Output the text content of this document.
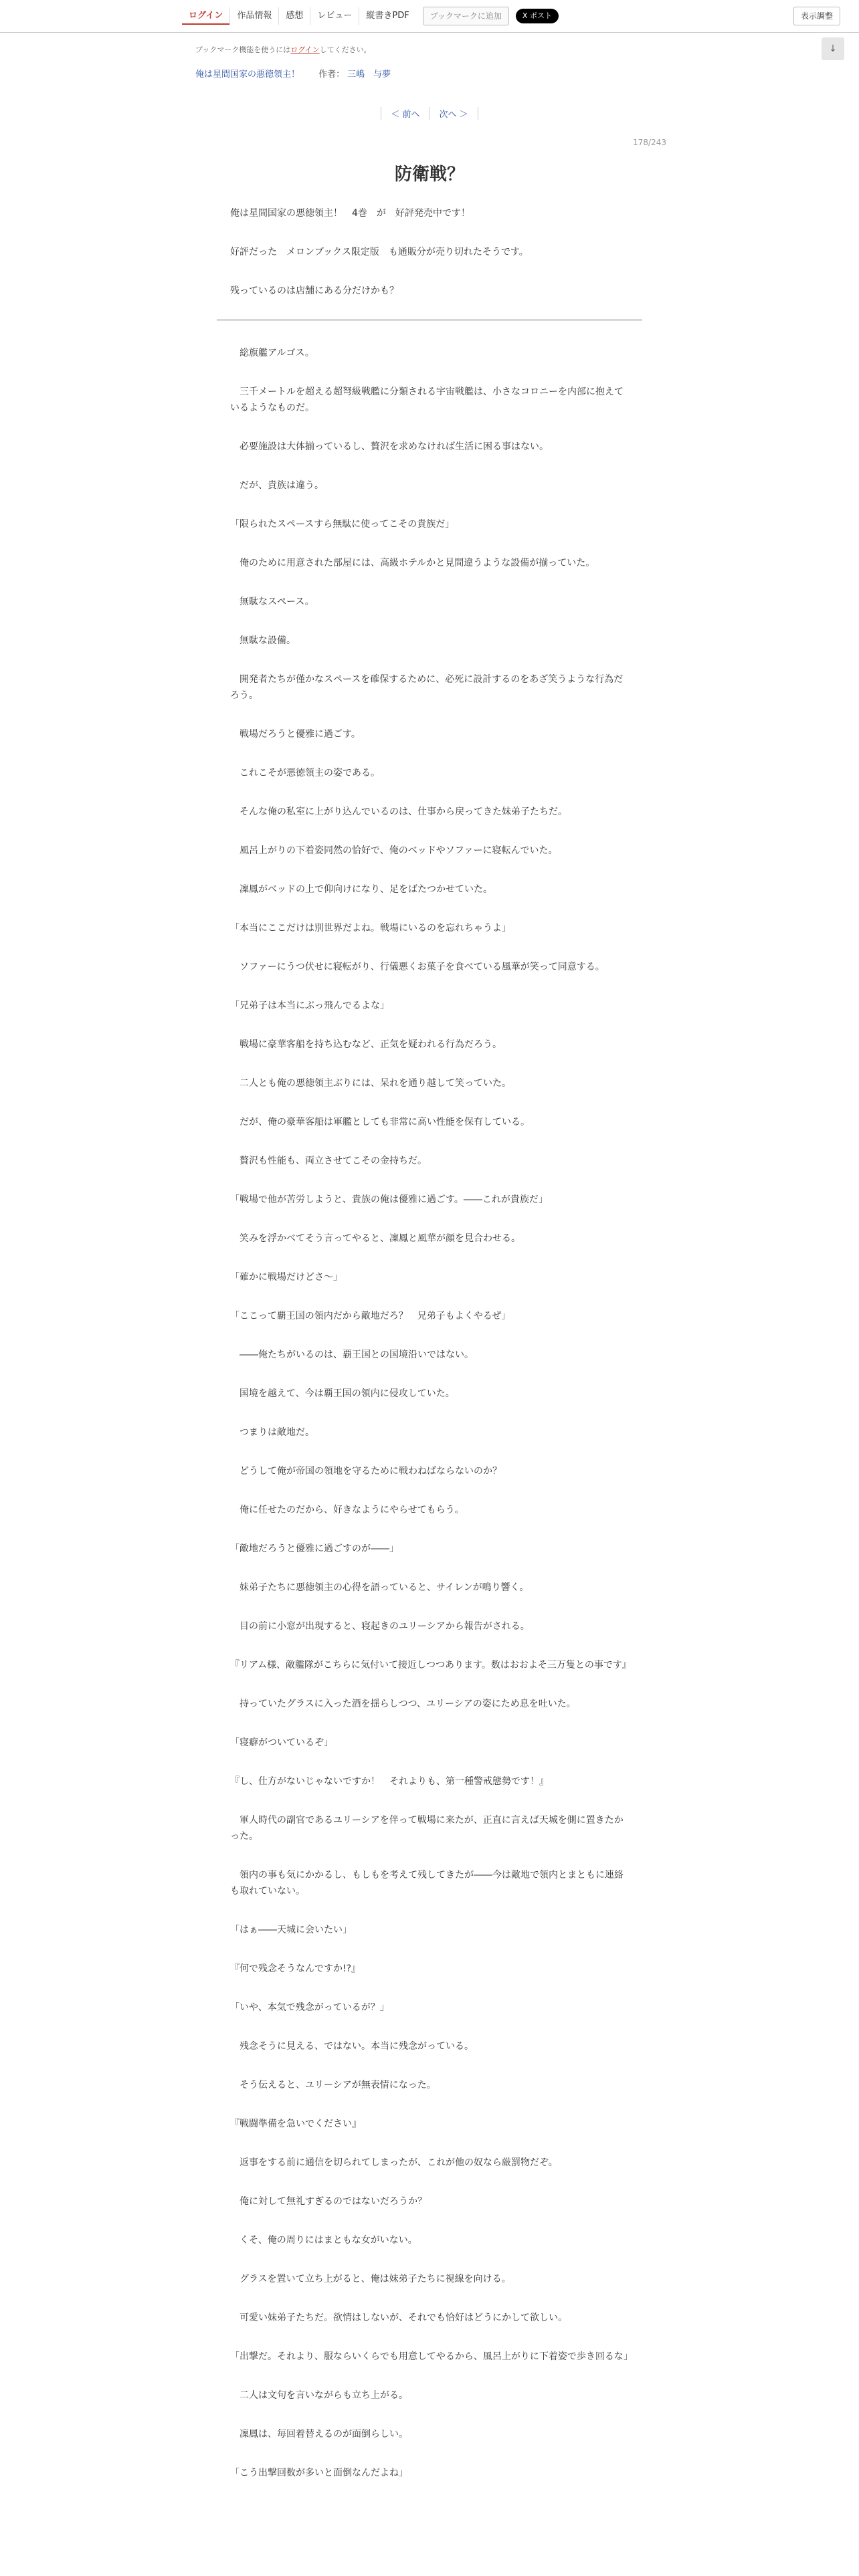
ログイン	作品情報	感想	レビュー	縦書きPDF	ブックマークに追加	X ポスト	表示調整
↓
ブックマーク機能を使うにはログインしてください。
俺は星間国家の悪徳領主！ 作者： 三嶋　与夢
＜ 前へ 次へ ＞
178/243
防衛戦？

俺は星間国家の悪徳領主！　4巻　が　好評発売中です！

好評だった　メロンブックス限定版　も通販分が売り切れたそうです。

残っているのは店舗にある分だけかも？

　総旗艦アルゴス。

　三千メートルを超える超弩級戦艦に分類される宇宙戦艦は、小さなコロニーを内部に抱えているようなものだ。

　必要施設は大体揃っているし、贅沢を求めなければ生活に困る事はない。

　だが、貴族は違う。

「限られたスペースすら無駄に使ってこその貴族だ」

　俺のために用意された部屋には、高級ホテルかと見間違うような設備が揃っていた。

　無駄なスペース。

　無駄な設備。

　開発者たちが僅かなスペースを確保するために、必死に設計するのをあざ笑うような行為だろう。

　戦場だろうと優雅に過ごす。

　これこそが悪徳領主の姿である。

　そんな俺の私室に上がり込んでいるのは、仕事から戻ってきた妹弟子たちだ。

　風呂上がりの下着姿同然の恰好で、俺のベッドやソファーに寝転んでいた。

　凜鳳がベッドの上で仰向けになり、足をばたつかせていた。

「本当にここだけは別世界だよね。戦場にいるのを忘れちゃうよ」

　ソファーにうつ伏せに寝転がり、行儀悪くお菓子を食べている風華が笑って同意する。

「兄弟子は本当にぶっ飛んでるよな」

　戦場に豪華客船を持ち込むなど、正気を疑われる行為だろう。

　二人とも俺の悪徳領主ぶりには、呆れを通り越して笑っていた。

　だが、俺の豪華客船は軍艦としても非常に高い性能を保有している。

　贅沢も性能も、両立させてこその金持ちだ。

「戦場で他が苦労しようと、貴族の俺は優雅に過ごす。――これが貴族だ」

　笑みを浮かべてそう言ってやると、凜鳳と風華が顔を見合わせる。

「確かに戦場だけどさ～」

「ここって覇王国の領内だから敵地だろ？　兄弟子もよくやるぜ」

　――俺たちがいるのは、覇王国との国境沿いではない。

　国境を越えて、今は覇王国の領内に侵攻していた。

　つまりは敵地だ。

　どうして俺が帝国の領地を守るために戦わねばならないのか？

　俺に任せたのだから、好きなようにやらせてもらう。

「敵地だろうと優雅に過ごすのが――」

　妹弟子たちに悪徳領主の心得を語っていると、サイレンが鳴り響く。

　目の前に小窓が出現すると、寝起きのユリーシアから報告がされる。

『リアム様、敵艦隊がこちらに気付いて接近しつつあります。数はおおよそ三万隻との事です』

　持っていたグラスに入った酒を揺らしつつ、ユリーシアの姿にため息を吐いた。

「寝癖がついているぞ」

『し、仕方がないじゃないですか！　それよりも、第一種警戒態勢です！』

　軍人時代の副官であるユリーシアを伴って戦場に来たが、正直に言えば天城を側に置きたかった。

　領内の事も気にかかるし、もしもを考えて残してきたが――今は敵地で領内とまともに連絡も取れていない。

「はぁ――天城に会いたい」

『何で残念そうなんですか!?』

「いや、本気で残念がっているが？」

　残念そうに見える、ではない。本当に残念がっている。

　そう伝えると、ユリーシアが無表情になった。

『戦闘準備を急いでください』

　返事をする前に通信を切られてしまったが、これが他の奴なら厳罰物だぞ。

　俺に対して無礼すぎるのではないだろうか？

　くそ、俺の周りにはまともな女がいない。

　グラスを置いて立ち上がると、俺は妹弟子たちに視線を向ける。

　可愛い妹弟子たちだ。欲情はしないが、それでも恰好はどうにかして欲しい。

「出撃だ。それより、服ならいくらでも用意してやるから、風呂上がりに下着姿で歩き回るな」

　二人は文句を言いながらも立ち上がる。

　凜鳳は、毎回着替えるのが面倒らしい。

「こう出撃回数が多いと面倒なんだよね」
